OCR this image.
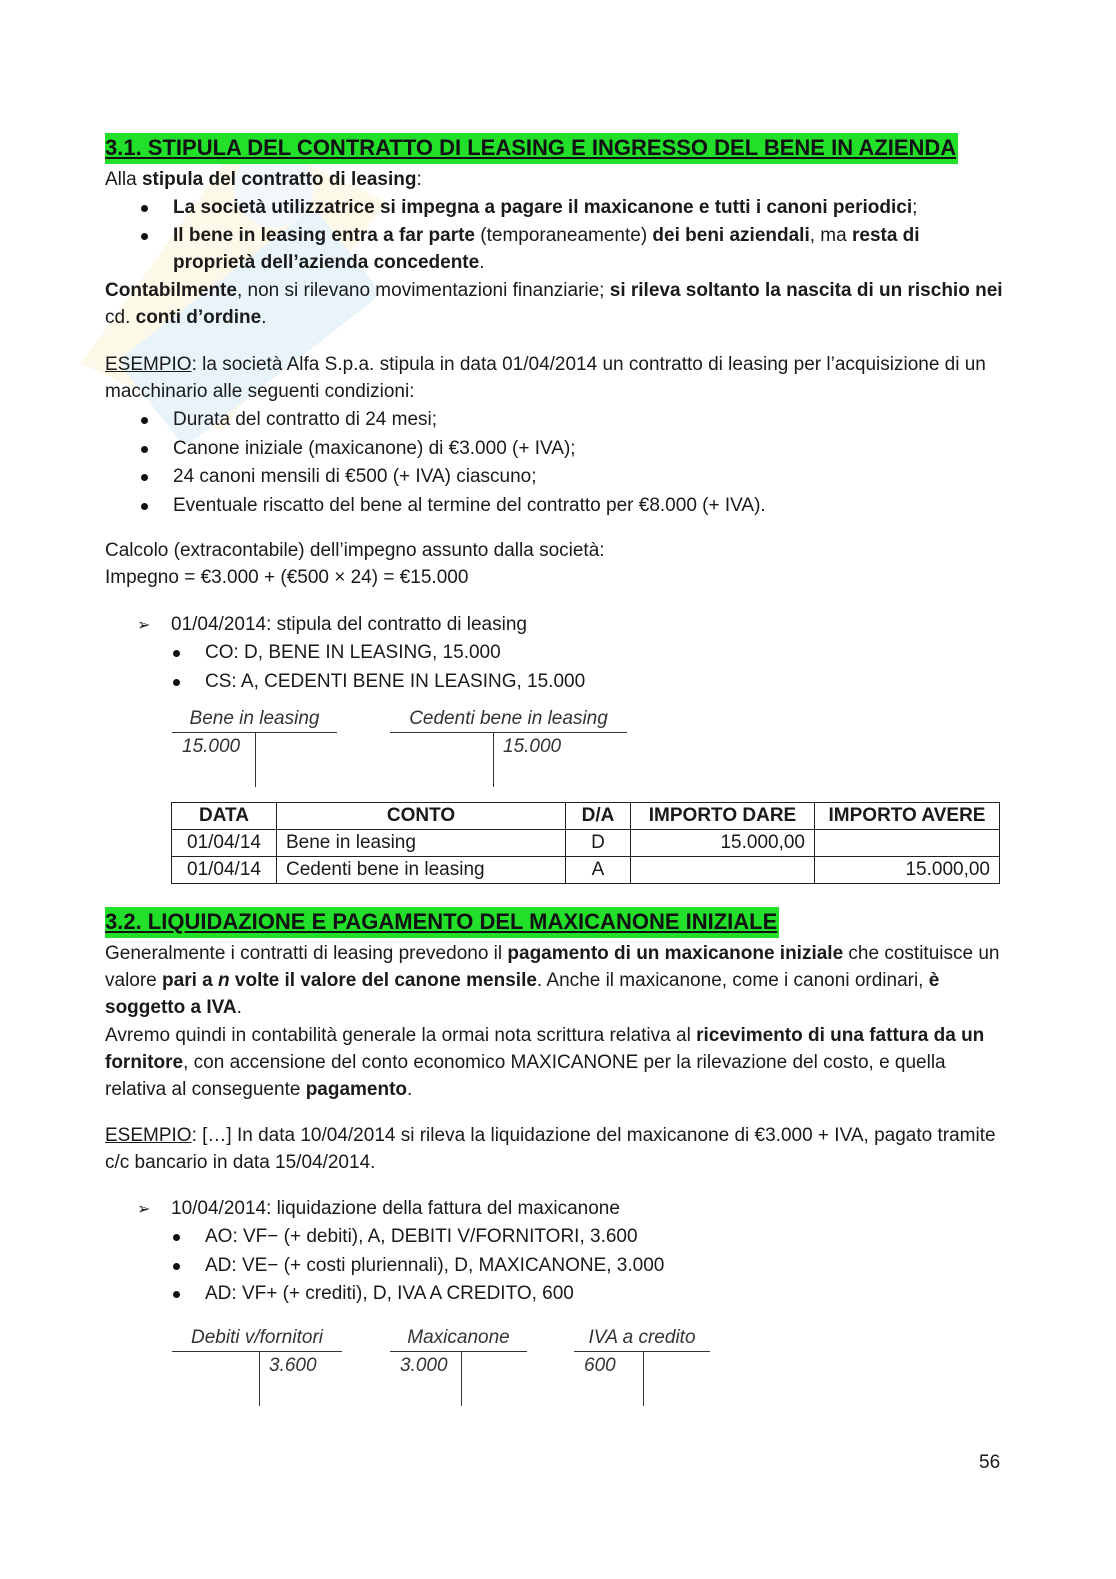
3.1. STIPULA DEL CONTRATTO DI LEASING E INGRESSO DEL BENE IN AZIENDA
Alla stipula del contratto di leasing:
La società utilizzatrice si impegna a pagare il maxicanone e tutti i canoni periodici;
Il bene in leasing entra a far parte (temporaneamente) dei beni aziendali, ma resta di proprietà dell’azienda concedente.
Contabilmente, non si rilevano movimentazioni finanziarie; si rileva soltanto la nascita di un rischio nei cd. conti d’ordine.
ESEMPIO: la società Alfa S.p.a. stipula in data 01/04/2014 un contratto di leasing per l’acquisizione di un macchinario alle seguenti condizioni:
Durata del contratto di 24 mesi;
Canone iniziale (maxicanone) di €3.000 (+ IVA);
24 canoni mensili di €500 (+ IVA) ciascuno;
Eventuale riscatto del bene al termine del contratto per €8.000 (+ IVA).
Calcolo (extracontabile) dell’impegno assunto dalla società:
Impegno = €3.000 + (€500 × 24) = €15.000
➢ 01/04/2014: stipula del contratto di leasing
CO: D, BENE IN LEASING, 15.000
CS: A, CEDENTI BENE IN LEASING, 15.000
Bene in leasing
15.000
Cedenti bene in leasing
15.000
DATA	CONTO	D/A	IMPORTO DARE	IMPORTO AVERE
01/04/14	Bene in leasing	D	15.000,00	
01/04/14	Cedenti bene in leasing	A		15.000,00
3.2. LIQUIDAZIONE E PAGAMENTO DEL MAXICANONE INIZIALE
Generalmente i contratti di leasing prevedono il pagamento di un maxicanone iniziale che costituisce un valore pari a n volte il valore del canone mensile. Anche il maxicanone, come i canoni ordinari, è soggetto a IVA.
Avremo quindi in contabilità generale la ormai nota scrittura relativa al ricevimento di una fattura da un fornitore, con accensione del conto economico MAXICANONE per la rilevazione del costo, e quella relativa al conseguente pagamento.
ESEMPIO: […] In data 10/04/2014 si rileva la liquidazione del maxicanone di €3.000 + IVA, pagato tramite c/c bancario in data 15/04/2014.
➢ 10/04/2014: liquidazione della fattura del maxicanone
AO: VF− (+ debiti), A, DEBITI V/FORNITORI, 3.600
AD: VE− (+ costi pluriennali), D, MAXICANONE, 3.000
AD: VF+ (+ crediti), D, IVA A CREDITO, 600
Debiti v/fornitori
3.600
Maxicanone
3.000
IVA a credito
600
56
